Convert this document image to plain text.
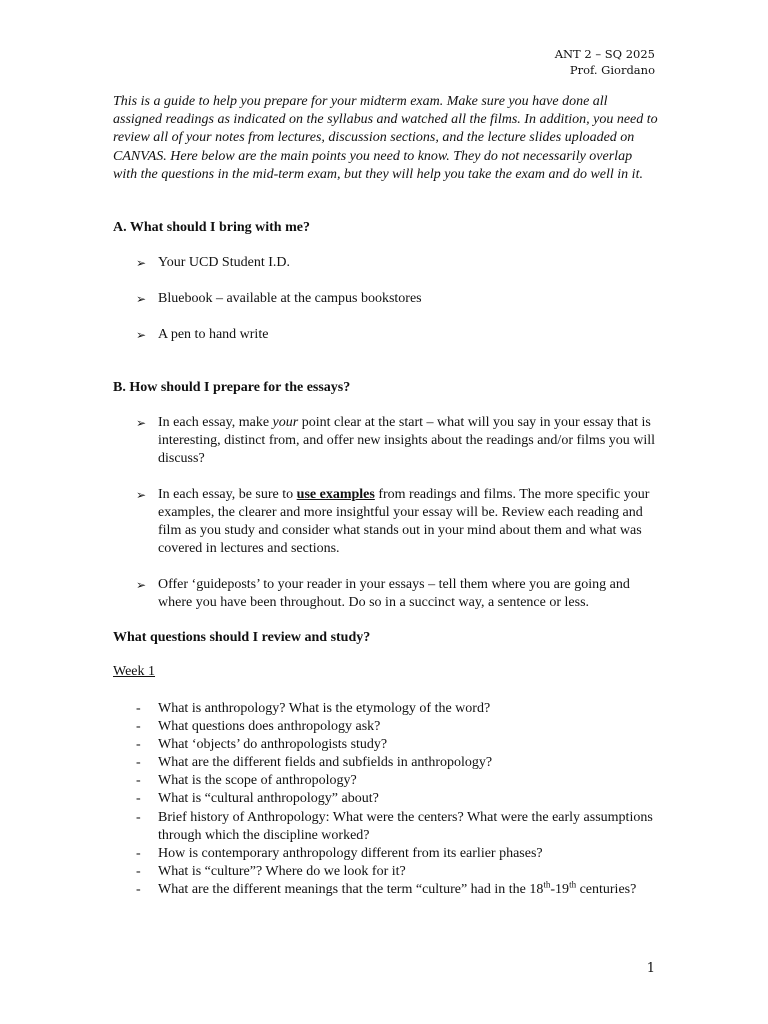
ANT 2 – SQ 2025
Prof. Giordano
This is a guide to help you prepare for your midterm exam. Make sure you have done all assigned readings as indicated on the syllabus and watched all the films. In addition, you need to review all of your notes from lectures, discussion sections, and the lecture slides uploaded on CANVAS. Here below are the main points you need to know. They do not necessarily overlap with the questions in the mid-term exam, but they will help you take the exam and do well in it.
A. What should I bring with me?
➢ Your UCD Student I.D.
➢ Bluebook – available at the campus bookstores
➢ A pen to hand write
B. How should I prepare for the essays?
➢ In each essay, make your point clear at the start – what will you say in your essay that is interesting, distinct from, and offer new insights about the readings and/or films you will discuss?
➢ In each essay, be sure to use examples from readings and films. The more specific your examples, the clearer and more insightful your essay will be. Review each reading and film as you study and consider what stands out in your mind about them and what was covered in lectures and sections.
➢ Offer ‘guideposts’ to your reader in your essays – tell them where you are going and where you have been throughout. Do so in a succinct way, a sentence or less.
What questions should I review and study?
Week 1
- What is anthropology? What is the etymology of the word?
- What questions does anthropology ask?
- What ‘objects’ do anthropologists study?
- What are the different fields and subfields in anthropology?
- What is the scope of anthropology?
- What is “cultural anthropology” about?
- Brief history of Anthropology: What were the centers? What were the early assumptions through which the discipline worked?
- How is contemporary anthropology different from its earlier phases?
- What is “culture”? Where do we look for it?
- What are the different meanings that the term “culture” had in the 18th-19th centuries?
1
